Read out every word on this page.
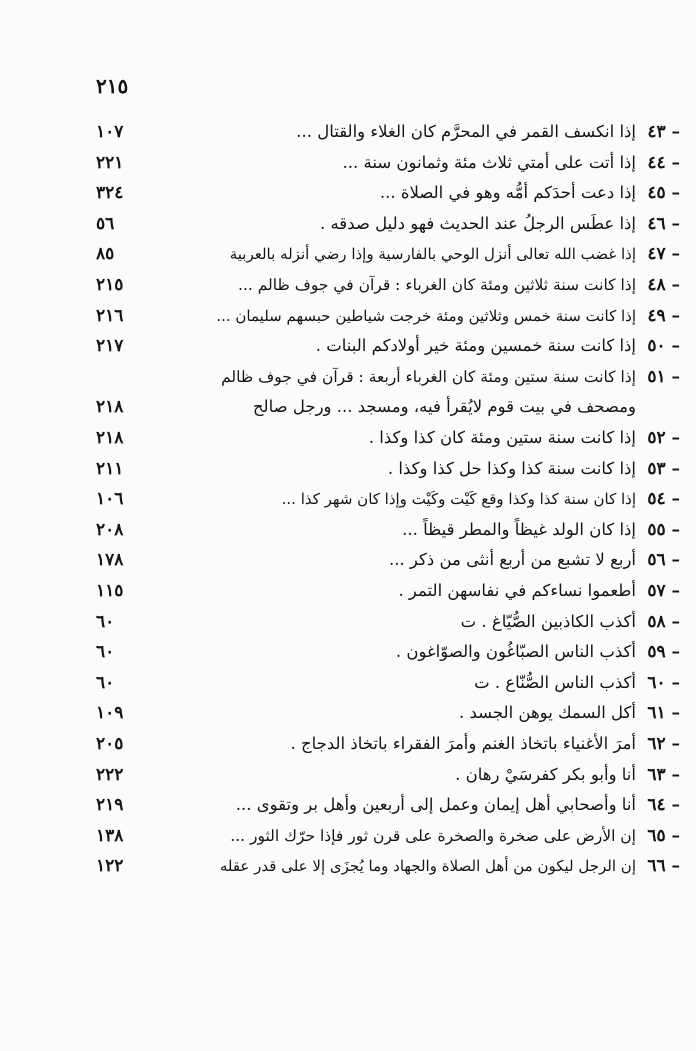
٢١٥
٤٣ –
إذا انكسف القمر في المحرَّم كان الغلاء والقتال ...
١٠٧
٤٤ –
إذا أتت على أمتي ثلاث مئة وثمانون سنة ...
٢٢١
٤٥ –
إذا دعت أحدَكم أمُّه وهو في الصلاة ...
٣٢٤
٤٦ –
إذا عطَس الرجلُ عند الحديث فهو دليل صدقه .
٥٦
٤٧ –
إذا غضب الله تعالى أنزل الوحي بالفارسية وإذا رضي أنزله بالعربية
٨٥
٤٨ –
إذا كانت سنة ثلاثين ومئة كان الغرباء : قرآن في جوف ظالم ...
٢١٥
٤٩ –
إذا كانت سنة خمس وثلاثين ومئة خرجت شياطين حبسهم سليمان ...
٢١٦
٥٠ –
إذا كانت سنة خمسين ومئة خير أولادكم البنات .
٢١٧
٥١ –
إذا كانت سنة ستين ومئة كان الغرباء أربعة : قرآن في جوف ظالم
ومصحف في بيت قوم لايُقرأ فيه، ومسجد ... ورجل صالح
٢١٨
٥٢ –
إذا كانت سنة ستين ومئة كان كذا وكذا .
٢١٨
٥٣ –
إذا كانت سنة كذا وكذا حل كذا وكذا .
٢١١
٥٤ –
إذا كان سنة كذا وكذا وقع كَيْت وكَيْت وإذا كان شهر كذا ...
١٠٦
٥٥ –
إذا كان الولد غيظاً والمطر قيظاً ...
٢٠٨
٥٦ –
أربع لا تشبع من أربع أنثى من ذكر ...
١٧٨
٥٧ –
أطعموا نساءكم في نفاسهن التمر .
١١٥
٥٨ –
أكذب الكاذبين الصُّيّاغ . ت
٦٠
٥٩ –
أكذب الناس الصبّاغُون والصوّاغون .
٦٠
٦٠ –
أكذب الناس الصُّنّاع . ت
٦٠
٦١ –
أكل السمك يوهن الجسد .
١٠٩
٦٢ –
أمرَ الأغنياء باتخاذ الغنم وأمرَ الفقراء باتخاذ الدجاج .
٢٠٥
٦٣ –
أنا وأبو بكر كفرسَيْ رهان .
٢٢٢
٦٤ –
أنا وأصحابي أهل إيمان وعمل إلى أربعين وأهل بر وتقوى ...
٢١٩
٦٥ –
إن الأرض على صخرة والصخرة على قرن ثور فإذا حرّك الثور ...
١٣٨
٦٦ –
إن الرجل ليكون من أهل الصلاة والجهاد وما يُجزَى إلا على قدر عقله
١٢٢
